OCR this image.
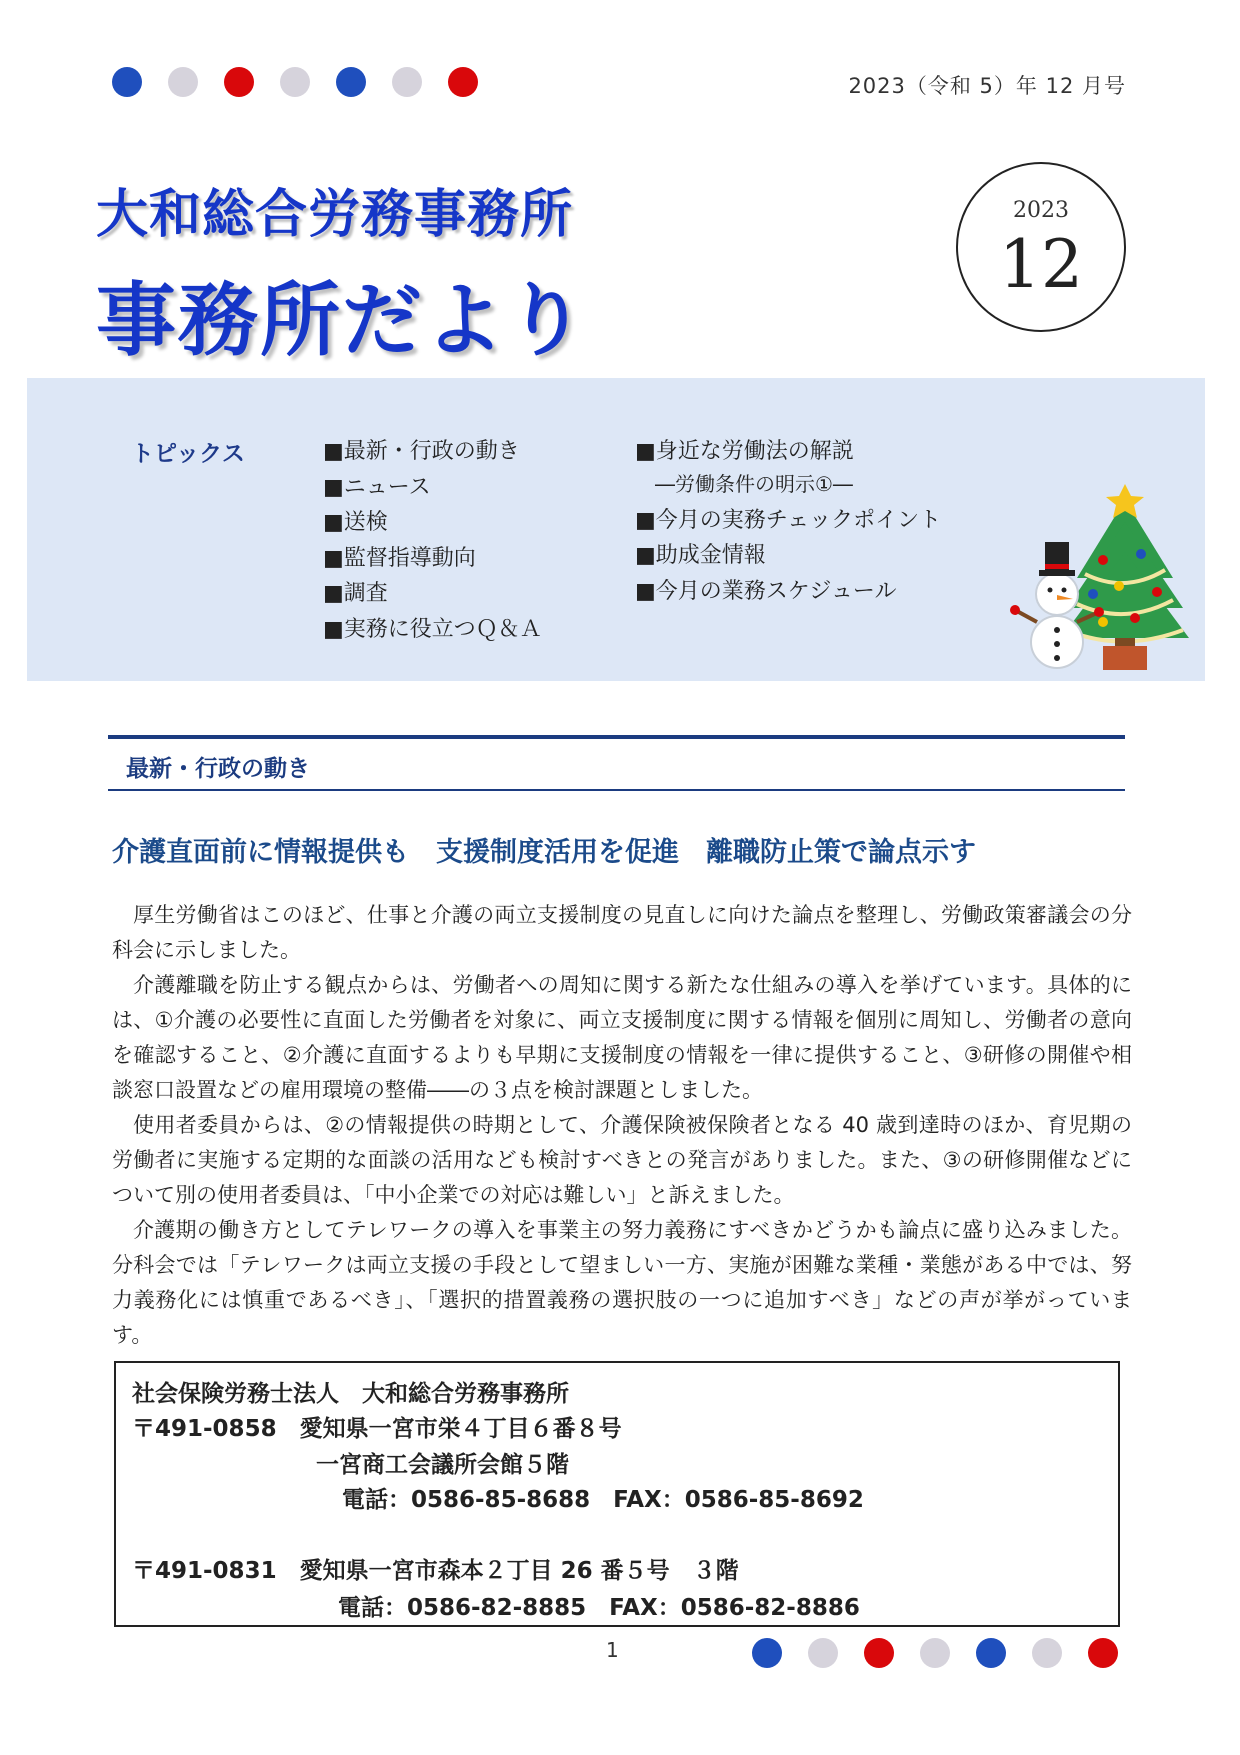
2023（令和 5）年 12 月号
大和総合労務事務所
事務所だより
2023
12
トピックス	■最新・行政の動き
■ニュース
■送検
■監督指導動向
■調査
■実務に役立つＱ＆Ａ
■身近な労働法の解説
―労働条件の明示①―
■今月の実務チェックポイント
■助成金情報
■今月の業務スケジュール
最新・行政の動き
介護直面前に情報提供も　支援制度活用を促進　離職防止策で論点示す

厚生労働省はこのほど、仕事と介護の両立支援制度の見直しに向けた論点を整理し、労働政策審議会の分科会に示しました。

介護離職を防止する観点からは、労働者への周知に関する新たな仕組みの導入を挙げています。具体的には、①介護の必要性に直面した労働者を対象に、両立支援制度に関する情報を個別に周知し、労働者の意向を確認すること、②介護に直面するよりも早期に支援制度の情報を一律に提供すること、③研修の開催や相談窓口設置などの雇用環境の整備――の３点を検討課題としました。

使用者委員からは、②の情報提供の時期として、介護保険被保険者となる 40 歳到達時のほか、育児期の労働者に実施する定期的な面談の活用なども検討すべきとの発言がありました。また、③の研修開催などについて別の使用者委員は、「中小企業での対応は難しい」と訴えました。

介護期の働き方としてテレワークの導入を事業主の努力義務にすべきかどうかも論点に盛り込みました。分科会では「テレワークは両立支援の手段として望ましい一方、実施が困難な業種・業態がある中では、努力義務化には慎重であるべき」、「選択的措置義務の選択肢の一つに追加すべき」などの声が挙がっています。

社会保険労務士法人　大和総合労務事務所
〒491-0858　愛知県一宮市栄４丁目６番８号
一宮商工会議所会館５階
電話：0586-85-8688　FAX：0586-85-8692
〒491-0831　愛知県一宮市森本２丁目 26 番５号　３階
電話：0586-82-8885　FAX：0586-82-8886
1
